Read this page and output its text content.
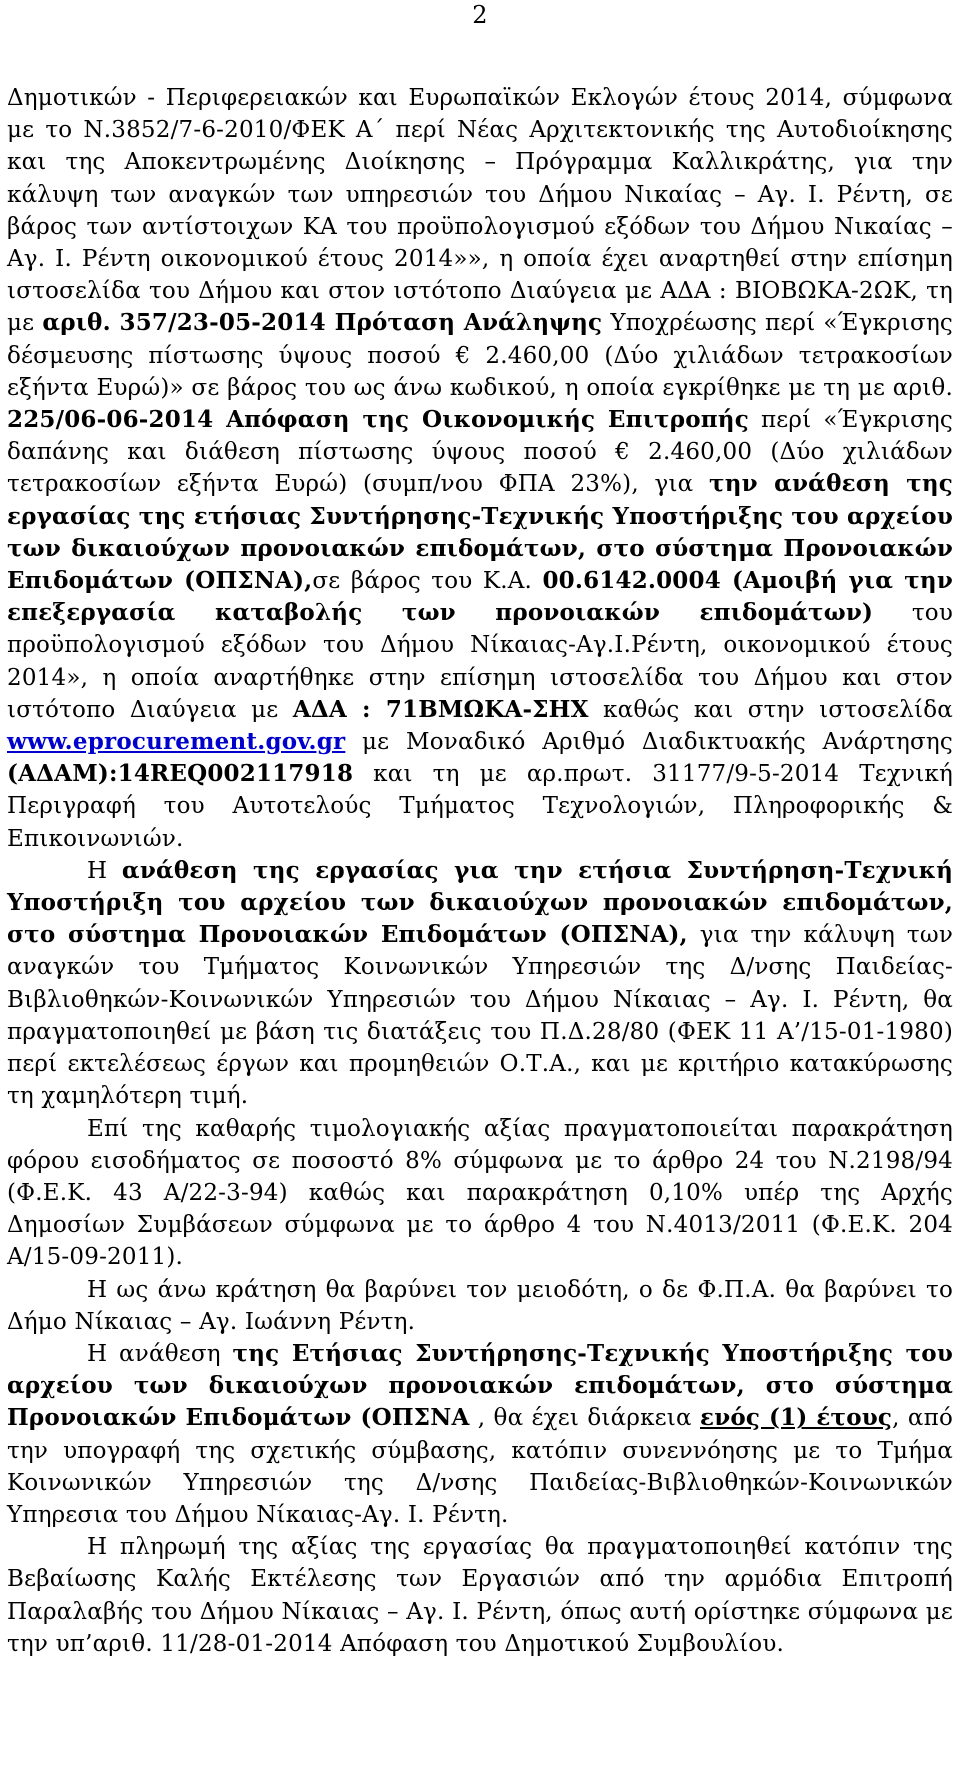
2

Δημοτικών - Περιφερειακών και Ευρωπαϊκών Εκλογών έτους 2014, σύμφωνα με το Ν.3852/7-6-2010/ΦΕΚ Α΄ περί Νέας Αρχιτεκτονικής της Αυτοδιοίκησης και της Αποκεντρωμένης Διοίκησης – Πρόγραμμα Καλλικράτης, για την κάλυψη των αναγκών των υπηρεσιών του Δήμου Νικαίας – Αγ. Ι. Ρέντη, σε βάρος των αντίστοιχων ΚΑ του προϋπολογισμού εξόδων του Δήμου Νικαίας – Αγ. Ι. Ρέντη οικονομικού έτους 2014»», η οποία έχει αναρτηθεί στην επίσημη ιστοσελίδα του Δήμου και στον ιστότοπο Διαύγεια με ΑΔΑ : ΒΙΟΒΩΚΑ-2ΩΚ, τη με αριθ. 357/23-05-2014 Πρόταση Ανάληψης Υποχρέωσης περί «Έγκρισης δέσμευσης πίστωσης ύψους ποσού € 2.460,00 (Δύο χιλιάδων τετρακοσίων εξήντα Ευρώ)» σε βάρος του ως άνω κωδικού, η οποία εγκρίθηκε με τη με αριθ. 225/06-06-2014 Απόφαση της Οικονομικής Επιτροπής περί «Έγκρισης δαπάνης και διάθεση πίστωσης ύψους ποσού € 2.460,00 (Δύο χιλιάδων τετρακοσίων εξήντα Ευρώ) (συμπ/νου ΦΠΑ 23%), για την ανάθεση της εργασίας της ετήσιας Συντήρησης-Τεχνικής Υποστήριξης του αρχείου των δικαιούχων προνοιακών επιδομάτων, στο σύστημα Προνοιακών Επιδομάτων (ΟΠΣΝΑ),σε βάρος του Κ.Α. 00.6142.0004 (Αμοιβή για την επεξεργασία καταβολής των προνοιακών επιδομάτων) του προϋπολογισμού εξόδων του Δήμου Νίκαιας-Αγ.Ι.Ρέντη, οικονομικού έτους 2014», η οποία αναρτήθηκε στην επίσημη ιστοσελίδα του Δήμου και στον ιστότοπο Διαύγεια με ΑΔΑ : 71ΒΜΩΚΑ-ΣΗΧ καθώς και στην ιστοσελίδα www.eprocurement.gov.gr με Μοναδικό Αριθμό Διαδικτυακής Ανάρτησης (ΑΔΑΜ):14REQ002117918 και τη με αρ.πρωτ. 31177/9-5-2014 Τεχνική Περιγραφή του Αυτοτελούς Τμήματος Τεχνολογιών, Πληροφορικής & Επικοινωνιών.

Η ανάθεση της εργασίας για την ετήσια Συντήρηση-Τεχνική Υποστήριξη του αρχείου των δικαιούχων προνοιακών επιδομάτων, στο σύστημα Προνοιακών Επιδομάτων (ΟΠΣΝΑ), για την κάλυψη των αναγκών του Τμήματος Κοινωνικών Υπηρεσιών της Δ/νσης Παιδείας-Βιβλιοθηκών-Κοινωνικών Υπηρεσιών του Δήμου Νίκαιας – Αγ. Ι. Ρέντη, θα πραγματοποιηθεί με βάση τις διατάξεις του Π.Δ.28/80 (ΦΕΚ 11 Α’/15-01-1980) περί εκτελέσεως έργων και προμηθειών Ο.Τ.Α., και με κριτήριο κατακύρωσης τη χαμηλότερη τιμή.

Επί της καθαρής τιμολογιακής αξίας πραγματοποιείται παρακράτηση φόρου εισοδήματος σε ποσοστό 8% σύμφωνα με το άρθρο 24 του Ν.2198/94 (Φ.Ε.Κ. 43 Α/22-3-94) καθώς και παρακράτηση 0,10% υπέρ της Αρχής Δημοσίων Συμβάσεων σύμφωνα με το άρθρο 4 του Ν.4013/2011 (Φ.Ε.Κ. 204 Α/15-09-2011).

Η ως άνω κράτηση θα βαρύνει τον μειοδότη, ο δε Φ.Π.Α. θα βαρύνει το Δήμο Νίκαιας – Αγ. Ιωάννη Ρέντη.

Η ανάθεση της Ετήσιας Συντήρησης-Τεχνικής Υποστήριξης του αρχείου των δικαιούχων προνοιακών επιδομάτων, στο σύστημα Προνοιακών Επιδομάτων (ΟΠΣΝΑ , θα έχει διάρκεια ενός (1) έτους, από την υπογραφή της σχετικής σύμβασης, κατόπιν συνεννόησης με το Τμήμα Κοινωνικών Υπηρεσιών της Δ/νσης Παιδείας-Βιβλιοθηκών-Κοινωνικών Υπηρεσια του Δήμου Νίκαιας-Αγ. Ι. Ρέντη.

Η πληρωμή της αξίας της εργασίας θα πραγματοποιηθεί κατόπιν της Βεβαίωσης Καλής Εκτέλεσης των Εργασιών από την αρμόδια Επιτροπή Παραλαβής του Δήμου Νίκαιας – Αγ. Ι. Ρέντη, όπως αυτή ορίστηκε σύμφωνα με την υπ’αριθ. 11/28-01-2014 Απόφαση του Δημοτικού Συμβουλίου.
